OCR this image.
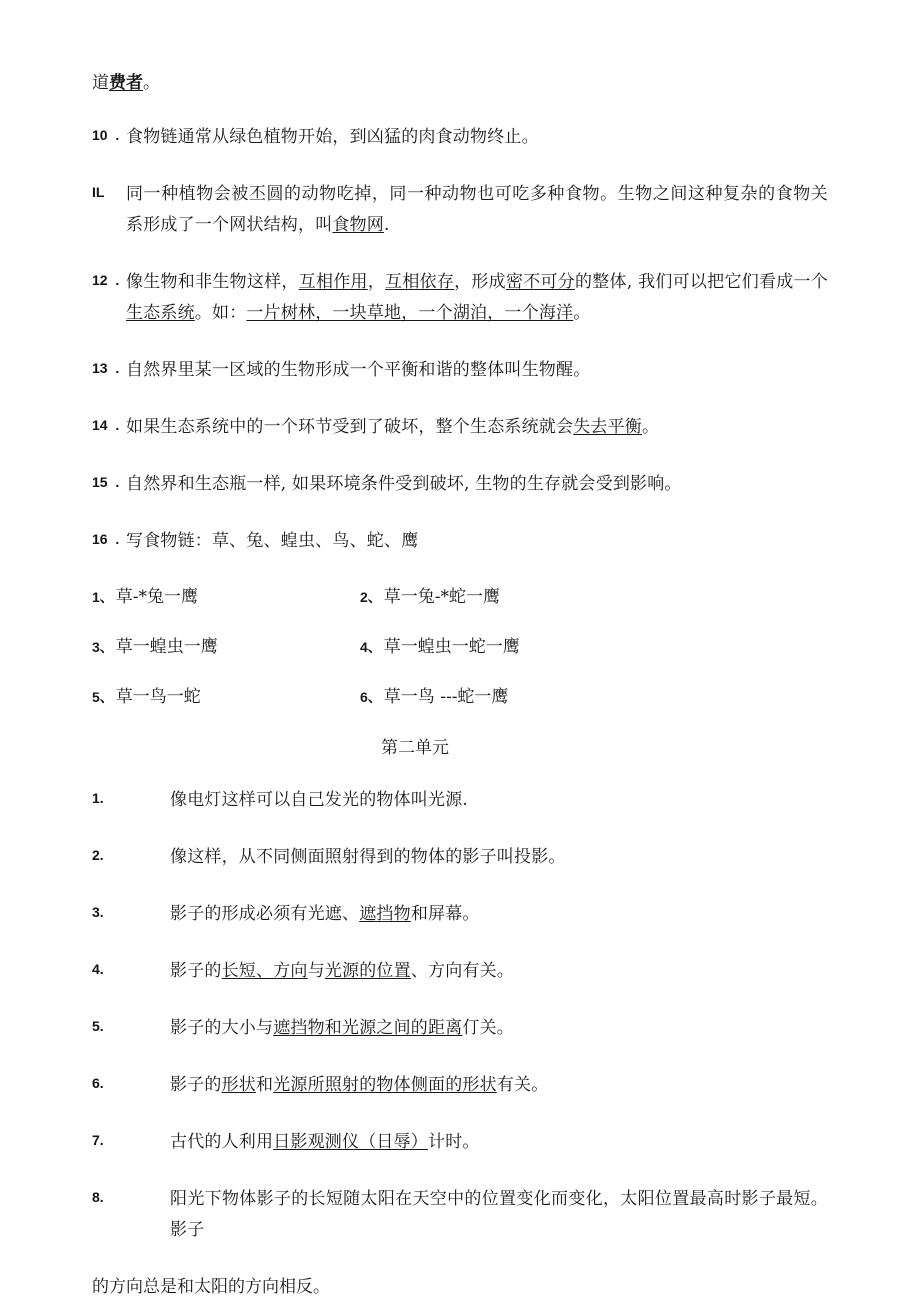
道费者。
10  . 食物链通常从绿色植物开始，到凶猛的肉食动物终止。
IL	同一种植物会被丕圆的动物吃掉，同一种动物也可吃多种食物。生物之间这种复杂的食物关系形成了一个网状结构，叫食物网.
12  . 像生物和非生物这样，互相作用，互相依存，形成密不可分的整体, 我们可以把它们看成一个生态系统。如：一片树林，一块草地，一个湖泊，一个海洋。
13  . 自然界里某一区域的生物形成一个平衡和谐的整体叫生物醒。
14  . 如果生态系统中的一个环节受到了破坏，整个生态系统就会失去平衡。
15  . 自然界和生态瓶一样, 如果环境条件受到破坏, 生物的生存就会受到影响。
16  . 写食物链：草、兔、蝗虫、鸟、蛇、鹰
1、 草-*兔一鹰	2、 草一兔-*蛇一鹰
3、 草一蝗虫一鹰	4、 草一蝗虫一蛇一鹰
5、 草一鸟一蛇	6、 草一鸟 ---蛇一鹰
第二单元
1.	像电灯这样可以自己发光的物体叫光源.
2.	像这样，从不同侧面照射得到的物体的影子叫投影。
3.	影子的形成必须有光遮、遮挡物和屏幕。
4.	影子的长短、方向与光源的位置、方向有关。
5.	影子的大小与遮挡物和光源之间的距离仃关。
6.	影子的形状和光源所照射的物体侧面的形状有关。
7.	古代的人利用日影观测仪（日辱）计时。
8.	阳光下物体影子的长短随太阳在天空中的位置变化而变化，太阳位置最高时影子最短。影子
的方向总是和太阳的方向相反。
